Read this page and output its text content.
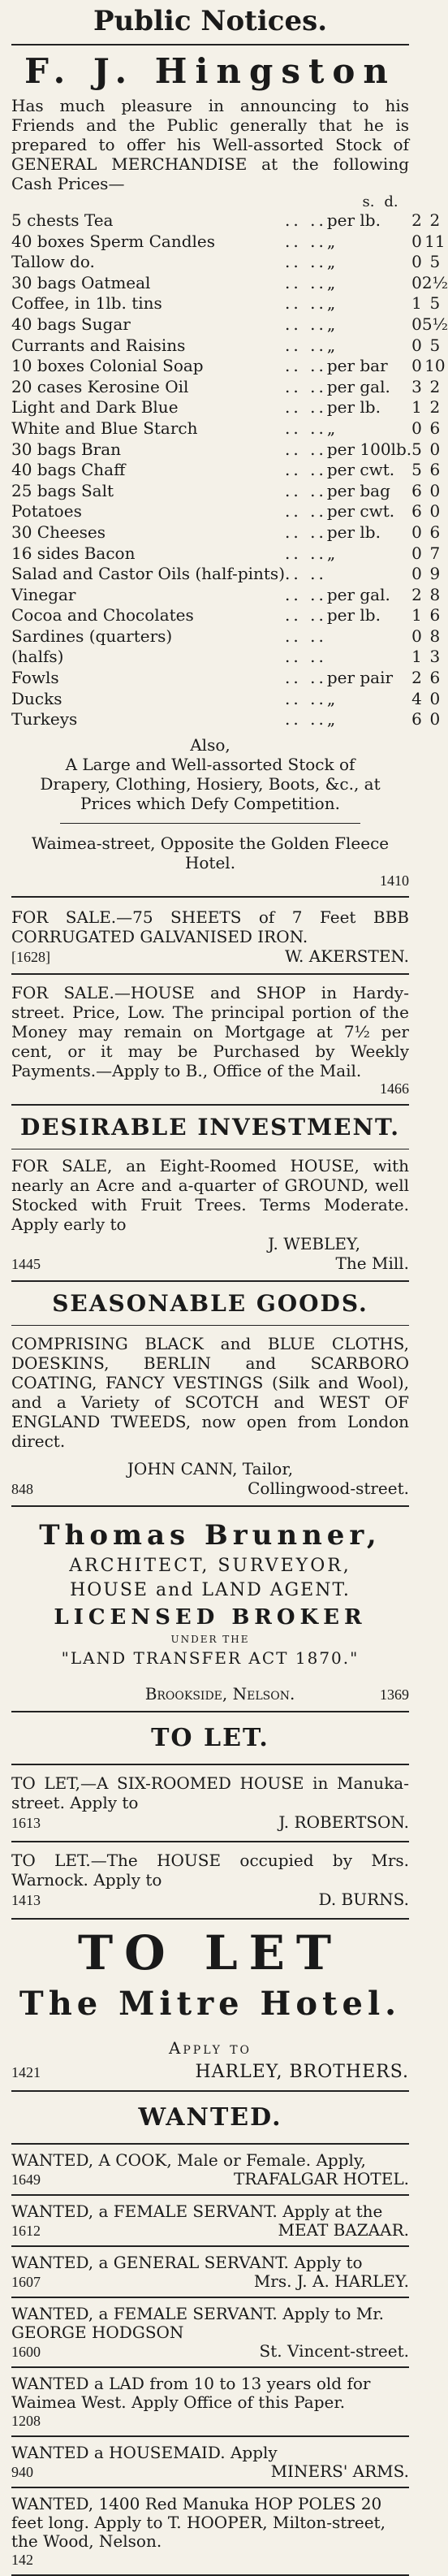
Public Notices.
F. J. Hingston

Has much pleasure in announcing to his Friends and the Public generally that he is prepared to offer his Well-assorted Stock of GENERAL MERCHANDISE at the following Cash Prices—

s. d.
5 chests Tea	.. ..	per lb.	2	2
40 boxes Sperm Candles	.. ..	„	0	11
Tallow do.	.. ..	„	0	5
30 bags Oatmeal	.. ..	„	0	2½
Coffee, in 1lb. tins	.. ..	„	1	5
40 bags Sugar	.. ..	„	0	5½
Currants and Raisins	.. ..	„	0	5
10 boxes Colonial Soap	.. ..	per bar	0	10
20 cases Kerosine Oil	.. ..	per gal.	3	2
Light and Dark Blue	.. ..	per lb.	1	2
White and Blue Starch	.. ..	„	0	6
30 bags Bran	.. ..	per 100lb.	5	0
40 bags Chaff	.. ..	per cwt.	5	6
25 bags Salt	.. ..	per bag	6	0
Potatoes	.. ..	per cwt.	6	0
30 Cheeses	.. ..	per lb.	0	6
16 sides Bacon	.. ..	„	0	7
Salad and Castor Oils (half-pints)	.. ..		0	9
Vinegar	.. ..	per gal.	2	8
Cocoa and Chocolates	.. ..	per lb.	1	6
Sardines (quarters)	.. ..		0	8
(halfs)	.. ..		1	3
Fowls	.. ..	per pair	2	6
Ducks	.. ..	„	4	0
Turkeys	.. ..	„	6	0
Also,

A Large and Well-assorted Stock of Drapery, Clothing, Hosiery, Boots, &c., at Prices which Defy Competition.

Waimea-street, Opposite the Golden Fleece Hotel.

1410

FOR SALE.—75 SHEETS of 7 Feet BBB CORRUGATED GALVANISED IRON.

[1628]	W. AKERSTEN.

FOR SALE.—HOUSE and SHOP in Hardy-street. Price, Low. The principal portion of the Money may remain on Mortgage at 7½ per cent, or it may be Purchased by Weekly Payments.—Apply to B., Office of the Mail.

1466
DESIRABLE INVESTMENT.

FOR SALE, an Eight-Roomed HOUSE, with nearly an Acre and a-quarter of GROUND, well Stocked with Fruit Trees. Terms Moderate. Apply early to

J. WEBLEY,
1445	The Mill.
SEASONABLE GOODS.

COMPRISING BLACK and BLUE CLOTHS, DOESKINS, BERLIN and SCARBORO COATING, FANCY VESTINGS (Silk and Wool), and a Variety of SCOTCH and WEST OF ENGLAND TWEEDS, now open from London direct.

JOHN CANN, Tailor,
848	Collingwood-street.
Thomas Brunner,
ARCHITECT, SURVEYOR,
HOUSE and LAND AGENT.
LICENSED BROKER
UNDER THE
"LAND TRANSFER ACT 1870."
Brookside, Nelson.	1369
TO LET.

TO LET,—A SIX-ROOMED HOUSE in Manuka-street. Apply to

1613	J. ROBERTSON.

TO LET.—The HOUSE occupied by Mrs. Warnock. Apply to

1413	D. BURNS.
TO LET
The Mitre Hotel.
Apply to
1421	HARLEY, BROTHERS.
WANTED.

WANTED, A COOK, Male or Female. Apply,

1649	TRAFALGAR HOTEL.

WANTED, a FEMALE SERVANT. Apply at the

1612	MEAT BAZAAR.

WANTED, a GENERAL SERVANT. Apply to

1607	Mrs. J. A. HARLEY.

WANTED, a FEMALE SERVANT. Apply to Mr. GEORGE HODGSON

1600	St. Vincent-street.

WANTED a LAD from 10 to 13 years old for Waimea West. Apply Office of this Paper.

1208

WANTED a HOUSEMAID. Apply

940	MINERS' ARMS.

WANTED, 1400 Red Manuka HOP POLES 20 feet long. Apply to T. HOOPER, Milton-street, the Wood, Nelson.

142
